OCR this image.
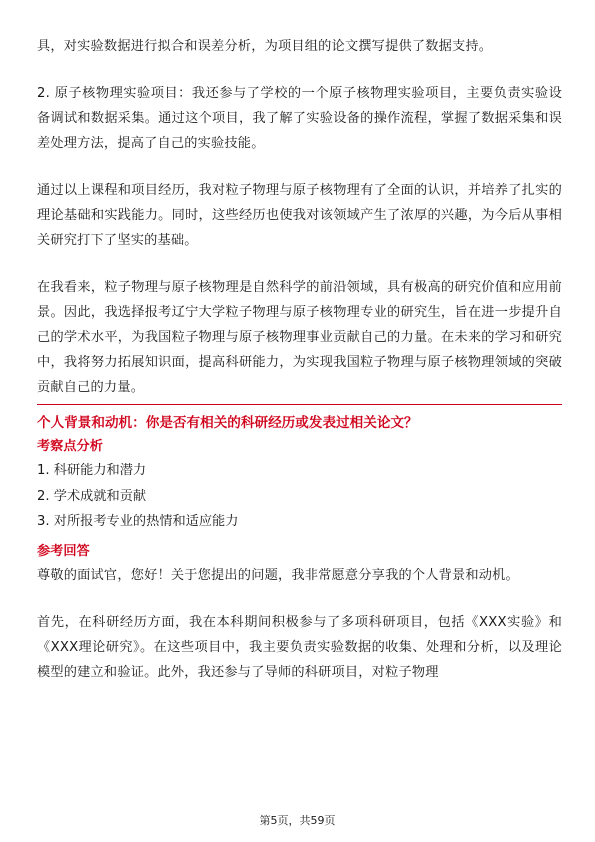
具，对实验数据进行拟合和误差分析，为项目组的论文撰写提供了数据支持。

2. 原子核物理实验项目：我还参与了学校的一个原子核物理实验项目，主要负责实验设备调试和数据采集。通过这个项目，我了解了实验设备的操作流程，掌握了数据采集和误差处理方法，提高了自己的实验技能。

通过以上课程和项目经历，我对粒子物理与原子核物理有了全面的认识，并培养了扎实的理论基础和实践能力。同时，这些经历也使我对该领域产生了浓厚的兴趣，为今后从事相关研究打下了坚实的基础。

在我看来，粒子物理与原子核物理是自然科学的前沿领域，具有极高的研究价值和应用前景。因此，我选择报考辽宁大学粒子物理与原子核物理专业的研究生，旨在进一步提升自己的学术水平，为我国粒子物理与原子核物理事业贡献自己的力量。在未来的学习和研究中，我将努力拓展知识面，提高科研能力，为实现我国粒子物理与原子核物理领域的突破贡献自己的力量。

个人背景和动机：你是否有相关的科研经历或发表过相关论文？

考察点分析

1. 科研能力和潜力

2. 学术成就和贡献

3. 对所报考专业的热情和适应能力

参考回答

尊敬的面试官，您好！关于您提出的问题，我非常愿意分享我的个人背景和动机。

首先，在科研经历方面，我在本科期间积极参与了多项科研项目，包括《XXX实验》和《XXX理论研究》。在这些项目中，我主要负责实验数据的收集、处理和分析，以及理论模型的建立和验证。此外，我还参与了导师的科研项目，对粒子物理

第5页，共59页
